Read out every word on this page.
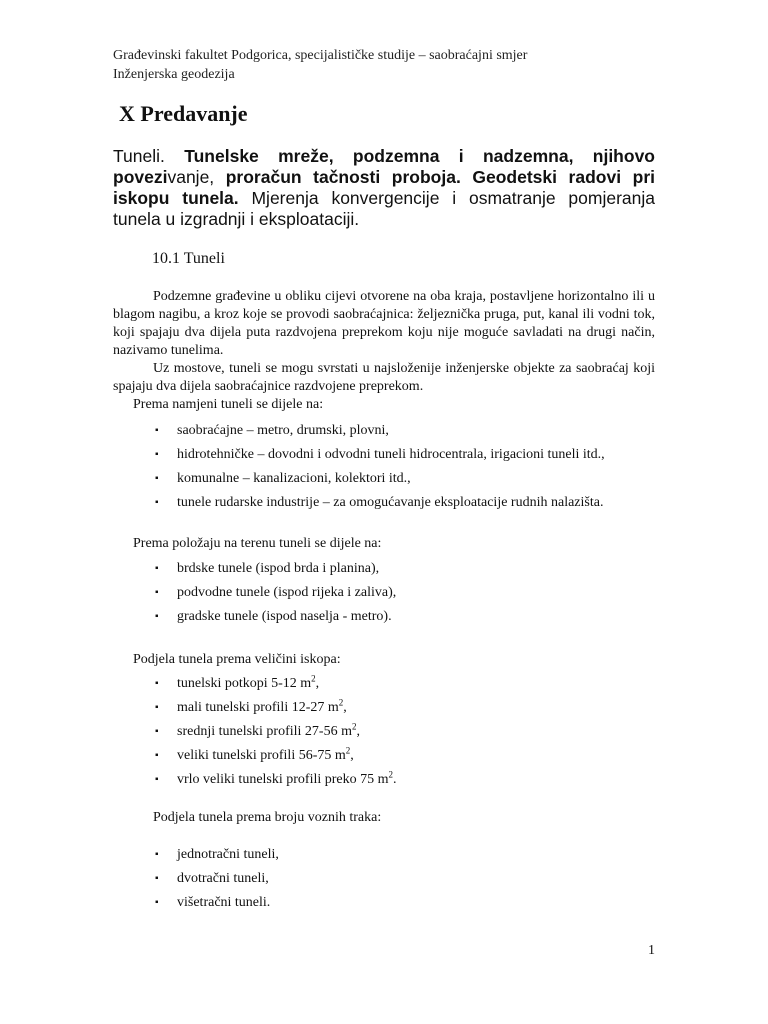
Građevinski fakultet Podgorica, specijalističke studije – saobraćajni smjer
Inženjerska geodezija
X Predavanje
Tuneli. Tunelske mreže, podzemna i nadzemna, njihovo povezivanje, proračun tačnosti proboja. Geodetski radovi pri iskopu tunela. Mjerenja konvergencije i osmatranje pomjeranja tunela u izgradnji i eksploataciji.
10.1 Tuneli
Podzemne građevine u obliku cijevi otvorene na oba kraja, postavljene horizontalno ili u blagom nagibu, a kroz koje se provodi saobraćajnica: željeznička pruga, put, kanal ili vodni tok, koji spajaju dva dijela puta razdvojena preprekom koju nije moguće savladati na drugi način, nazivamo tunelima.
Uz mostove, tuneli se mogu svrstati u najsloženije inženjerske objekte za saobraćaj koji spajaju dva dijela saobraćajnice razdvojene preprekom.
Prema namjeni tuneli se dijele na:
▪ saobraćajne – metro, drumski, plovni,
▪ hidrotehničke – dovodni i odvodni tuneli hidrocentrala, irigacioni tuneli itd.,
▪ komunalne – kanalizacioni, kolektori itd.,
▪ tunele rudarske industrije – za omogućavanje eksploatacije rudnih nalazišta.
Prema položaju na terenu tuneli se dijele na:
▪ brdske tunele (ispod brda i planina),
▪ podvodne tunele (ispod rijeka i zaliva),
▪ gradske tunele (ispod naselja - metro).
Podjela tunela prema veličini iskopa:
▪ tunelski potkopi 5-12 $m^2$,
▪ mali tunelski profili 12-27 $m^2$,
▪ srednji tunelski profili 27-56 $m^2$,
▪ veliki tunelski profili 56-75 $m^2$,
▪ vrlo veliki tunelski profili preko 75 $m^2$.
Podjela tunela prema broju voznih traka:
▪ jednotračni tuneli,
▪ dvotračni tuneli,
▪ višetračni tuneli.
1
